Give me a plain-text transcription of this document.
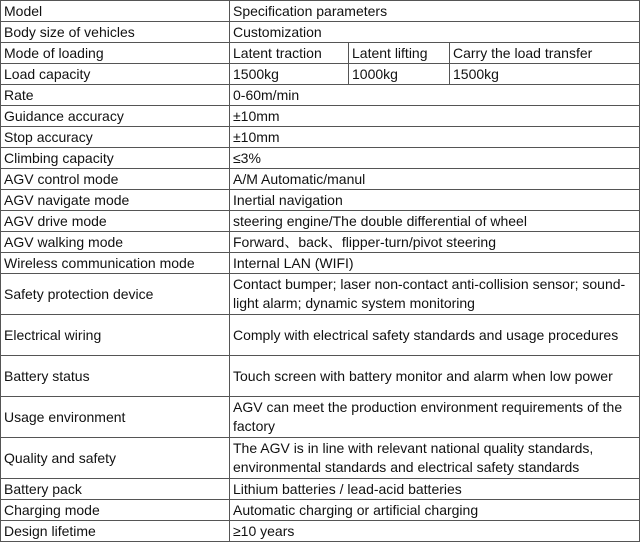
Model	Specification parameters		
Body size of vehicles	Customization		
Mode of loading	Latent traction	Latent lifting	Carry the load transfer
Load capacity	1500kg	1000kg	1500kg
Rate	0-60m/min		
Guidance accuracy	±10mm		
Stop accuracy	±10mm		
Climbing capacity	≤3%		
AGV control mode	A/M Automatic/manul		
AGV navigate mode	Inertial navigation		
AGV drive mode	steering engine/The double differential of wheel		
AGV walking mode	Forward、back、flipper-turn/pivot steering		
Wireless communication mode	Internal LAN (WIFI)		
Safety protection device	Contact bumper; laser non-contact anti-collision sensor; sound-light alarm; dynamic system monitoring		
Electrical wiring	Comply with electrical safety standards and usage procedures		
Battery status	Touch screen with battery monitor and alarm when low power		
Usage environment	AGV can meet the production environment requirements of the factory		
Quality and safety	The AGV is in line with relevant national quality standards, environmental standards and electrical safety standards		
Battery pack	Lithium batteries / lead-acid batteries		
Charging mode	Automatic charging or artificial charging		
Design lifetime	≥10 years		
